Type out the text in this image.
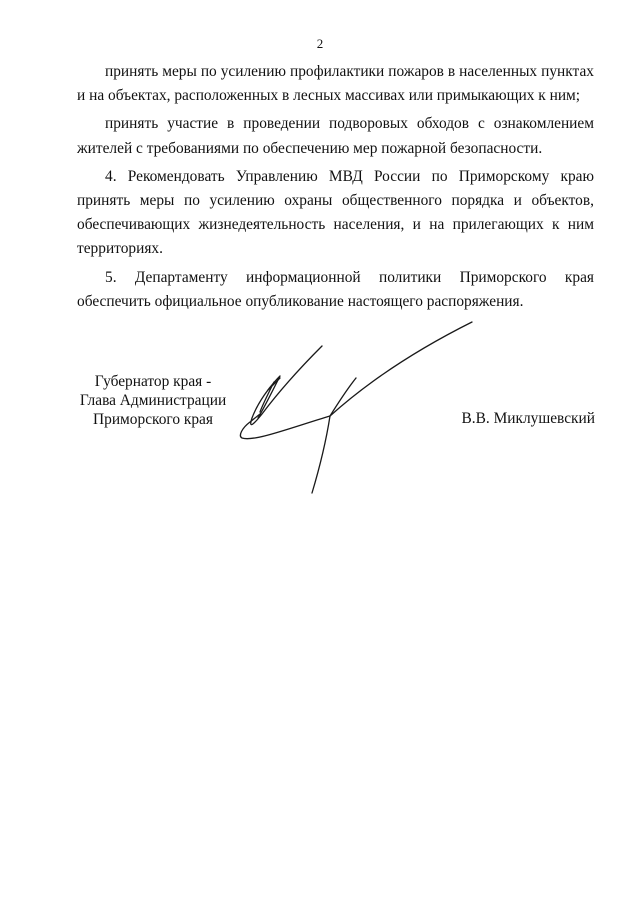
2

принять меры по усилению профилактики пожаров в населенных пунктах и на объектах, расположенных в лесных массивах или примыкающих к ним;

принять участие в проведении подворовых обходов с ознакомлением жителей с требованиями по обеспечению мер пожарной безопасности.

4. Рекомендовать Управлению МВД России по Приморскому краю принять меры по усилению охраны общественного порядка и объектов, обеспечивающих жизнедеятельность населения, и на прилегающих к ним территориях.

5. Департаменту информационной политики Приморского края обеспечить официальное опубликование настоящего распоряжения.

Губернатор края -
Глава Администрации
Приморского края	В.В. Миклушевский
